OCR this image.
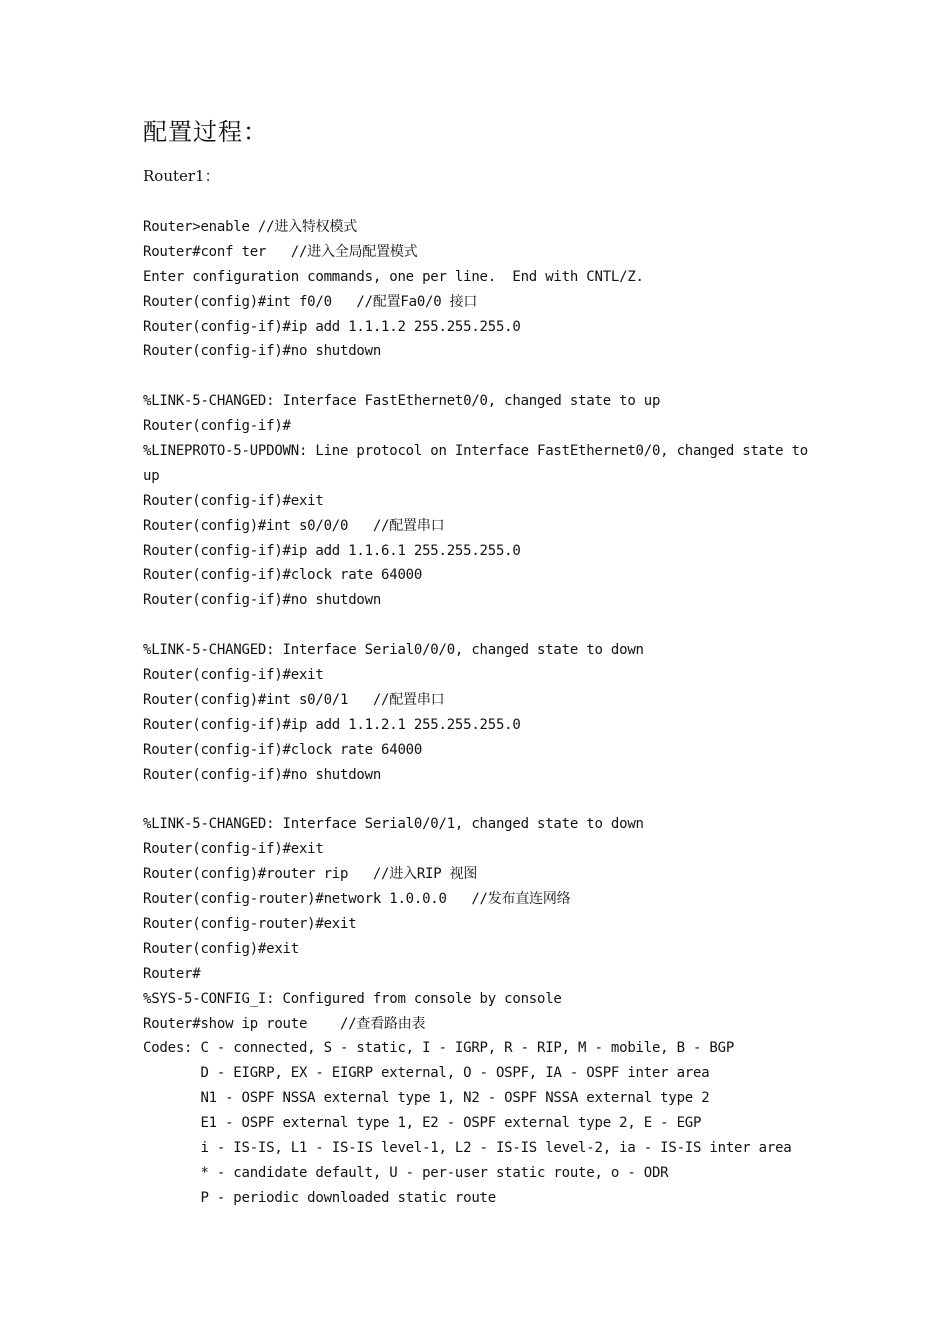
配置过程：

Router1：

Router>enable //进入特权模式
Router#conf ter   //进入全局配置模式
Enter configuration commands, one per line.  End with CNTL/Z.
Router(config)#int f0/0   //配置Fa0/0 接口
Router(config-if)#ip add 1.1.1.2 255.255.255.0
Router(config-if)#no shutdown
%LINK-5-CHANGED: Interface FastEthernet0/0, changed state to up
Router(config-if)#
%LINEPROTO-5-UPDOWN: Line protocol on Interface FastEthernet0/0, changed state to
up
Router(config-if)#exit
Router(config)#int s0/0/0   //配置串口
Router(config-if)#ip add 1.1.6.1 255.255.255.0
Router(config-if)#clock rate 64000
Router(config-if)#no shutdown
%LINK-5-CHANGED: Interface Serial0/0/0, changed state to down
Router(config-if)#exit
Router(config)#int s0/0/1   //配置串口
Router(config-if)#ip add 1.1.2.1 255.255.255.0
Router(config-if)#clock rate 64000
Router(config-if)#no shutdown
%LINK-5-CHANGED: Interface Serial0/0/1, changed state to down
Router(config-if)#exit
Router(config)#router rip   //进入RIP 视图
Router(config-router)#network 1.0.0.0   //发布直连网络
Router(config-router)#exit
Router(config)#exit
Router#
%SYS-5-CONFIG_I: Configured from console by console
Router#show ip route    //查看路由表
Codes: C - connected, S - static, I - IGRP, R - RIP, M - mobile, B - BGP
D - EIGRP, EX - EIGRP external, O - OSPF, IA - OSPF inter area
N1 - OSPF NSSA external type 1, N2 - OSPF NSSA external type 2
E1 - OSPF external type 1, E2 - OSPF external type 2, E - EGP
i - IS-IS, L1 - IS-IS level-1, L2 - IS-IS level-2, ia - IS-IS inter area
* - candidate default, U - per-user static route, o - ODR
P - periodic downloaded static route
